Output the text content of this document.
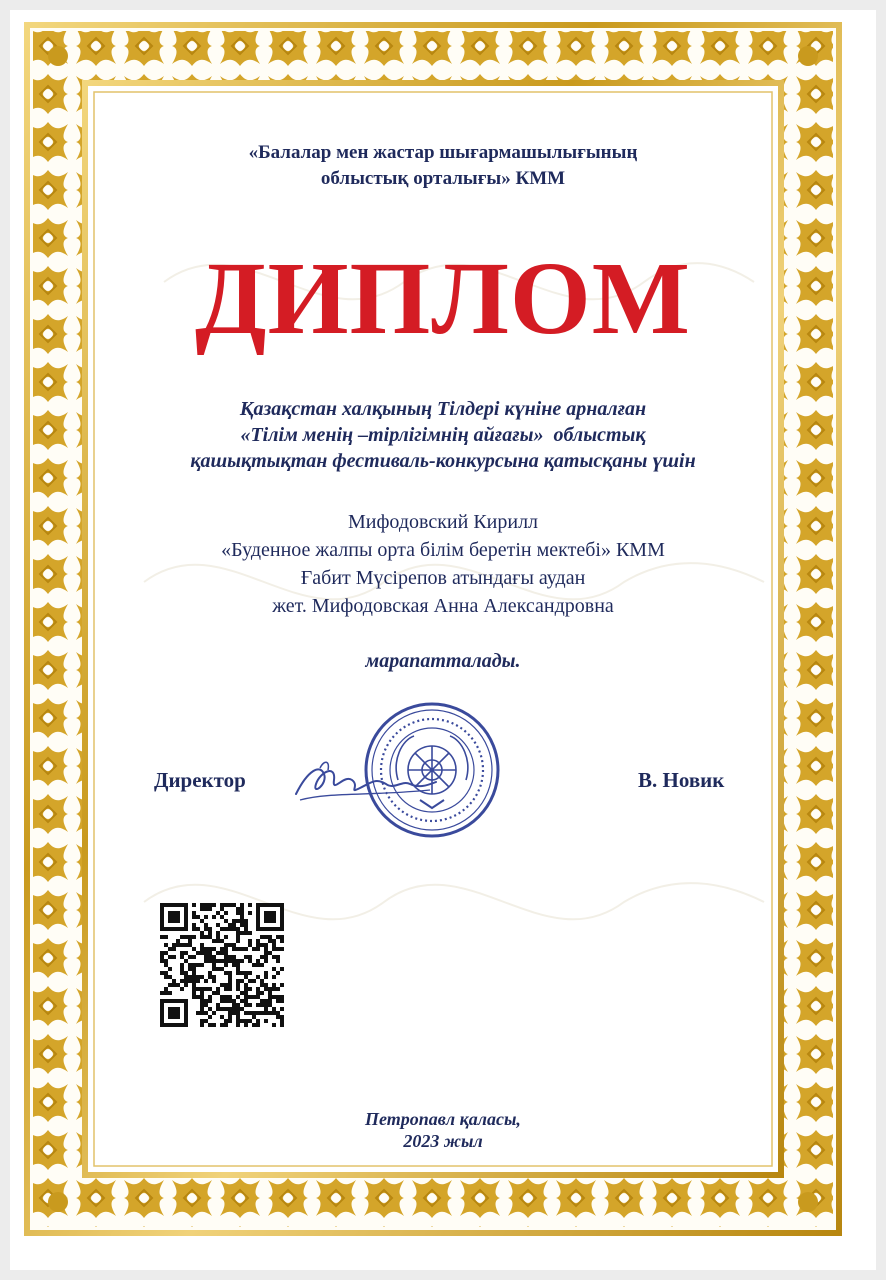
«Балалар мен жастар шығармашылығының
облыстық орталығы» КММ
ДИПЛОМ
Қазақстан халқының Тілдері күніне арналған
«Тілім менің –тірлігімнің айғағы»  облыстық
қашықтықтан фестиваль-конкурсына қатысқаны үшін
Мифодовский Кирилл
«Буденное жалпы орта білім беретін мектебі» КММ
Ғабит Мүсірепов атындағы аудан
жет. Мифодовская Анна Александровна
марапатталады.
Директор	В. Новик
Петропавл қаласы,
2023 жыл
